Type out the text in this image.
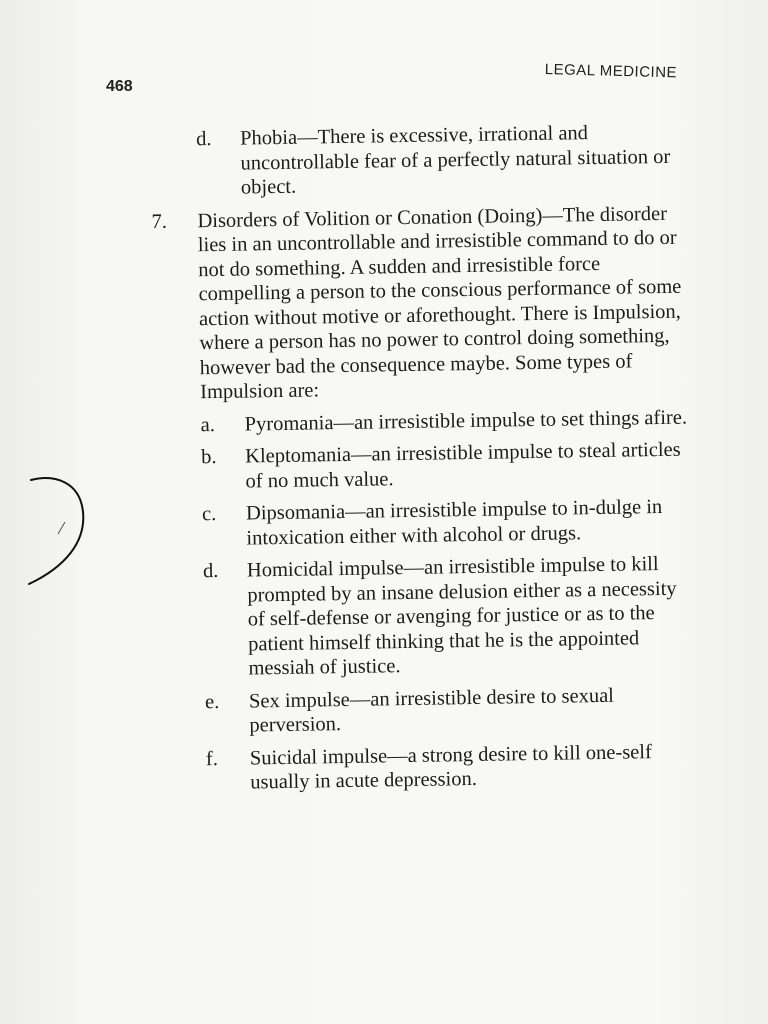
468
LEGAL MEDICINE
d. Phobia—There is excessive, irrational and uncontrollable fear of a perfectly natural situation or object.
7. Disorders of Volition or Conation (Doing)—The disorder lies in an uncontrollable and irresistible command to do or not do something. A sudden and irresistible force compelling a person to the conscious performance of some action without motive or aforethought. There is Impulsion, where a person has no power to control doing something, however bad the consequence maybe. Some types of Impulsion are:
a. Pyromania—an irresistible impulse to set things afire.
b. Kleptomania—an irresistible impulse to steal articles of no much value.
c. Dipsomania—an irresistible impulse to in-dulge in intoxication either with alcohol or drugs.
d. Homicidal impulse—an irresistible impulse to kill prompted by an insane delusion either as a necessity of self-defense or avenging for justice or as to the patient himself thinking that he is the appointed messiah of justice.
e. Sex impulse—an irresistible desire to sexual perversion.
f. Suicidal impulse—a strong desire to kill one-self usually in acute depression.
